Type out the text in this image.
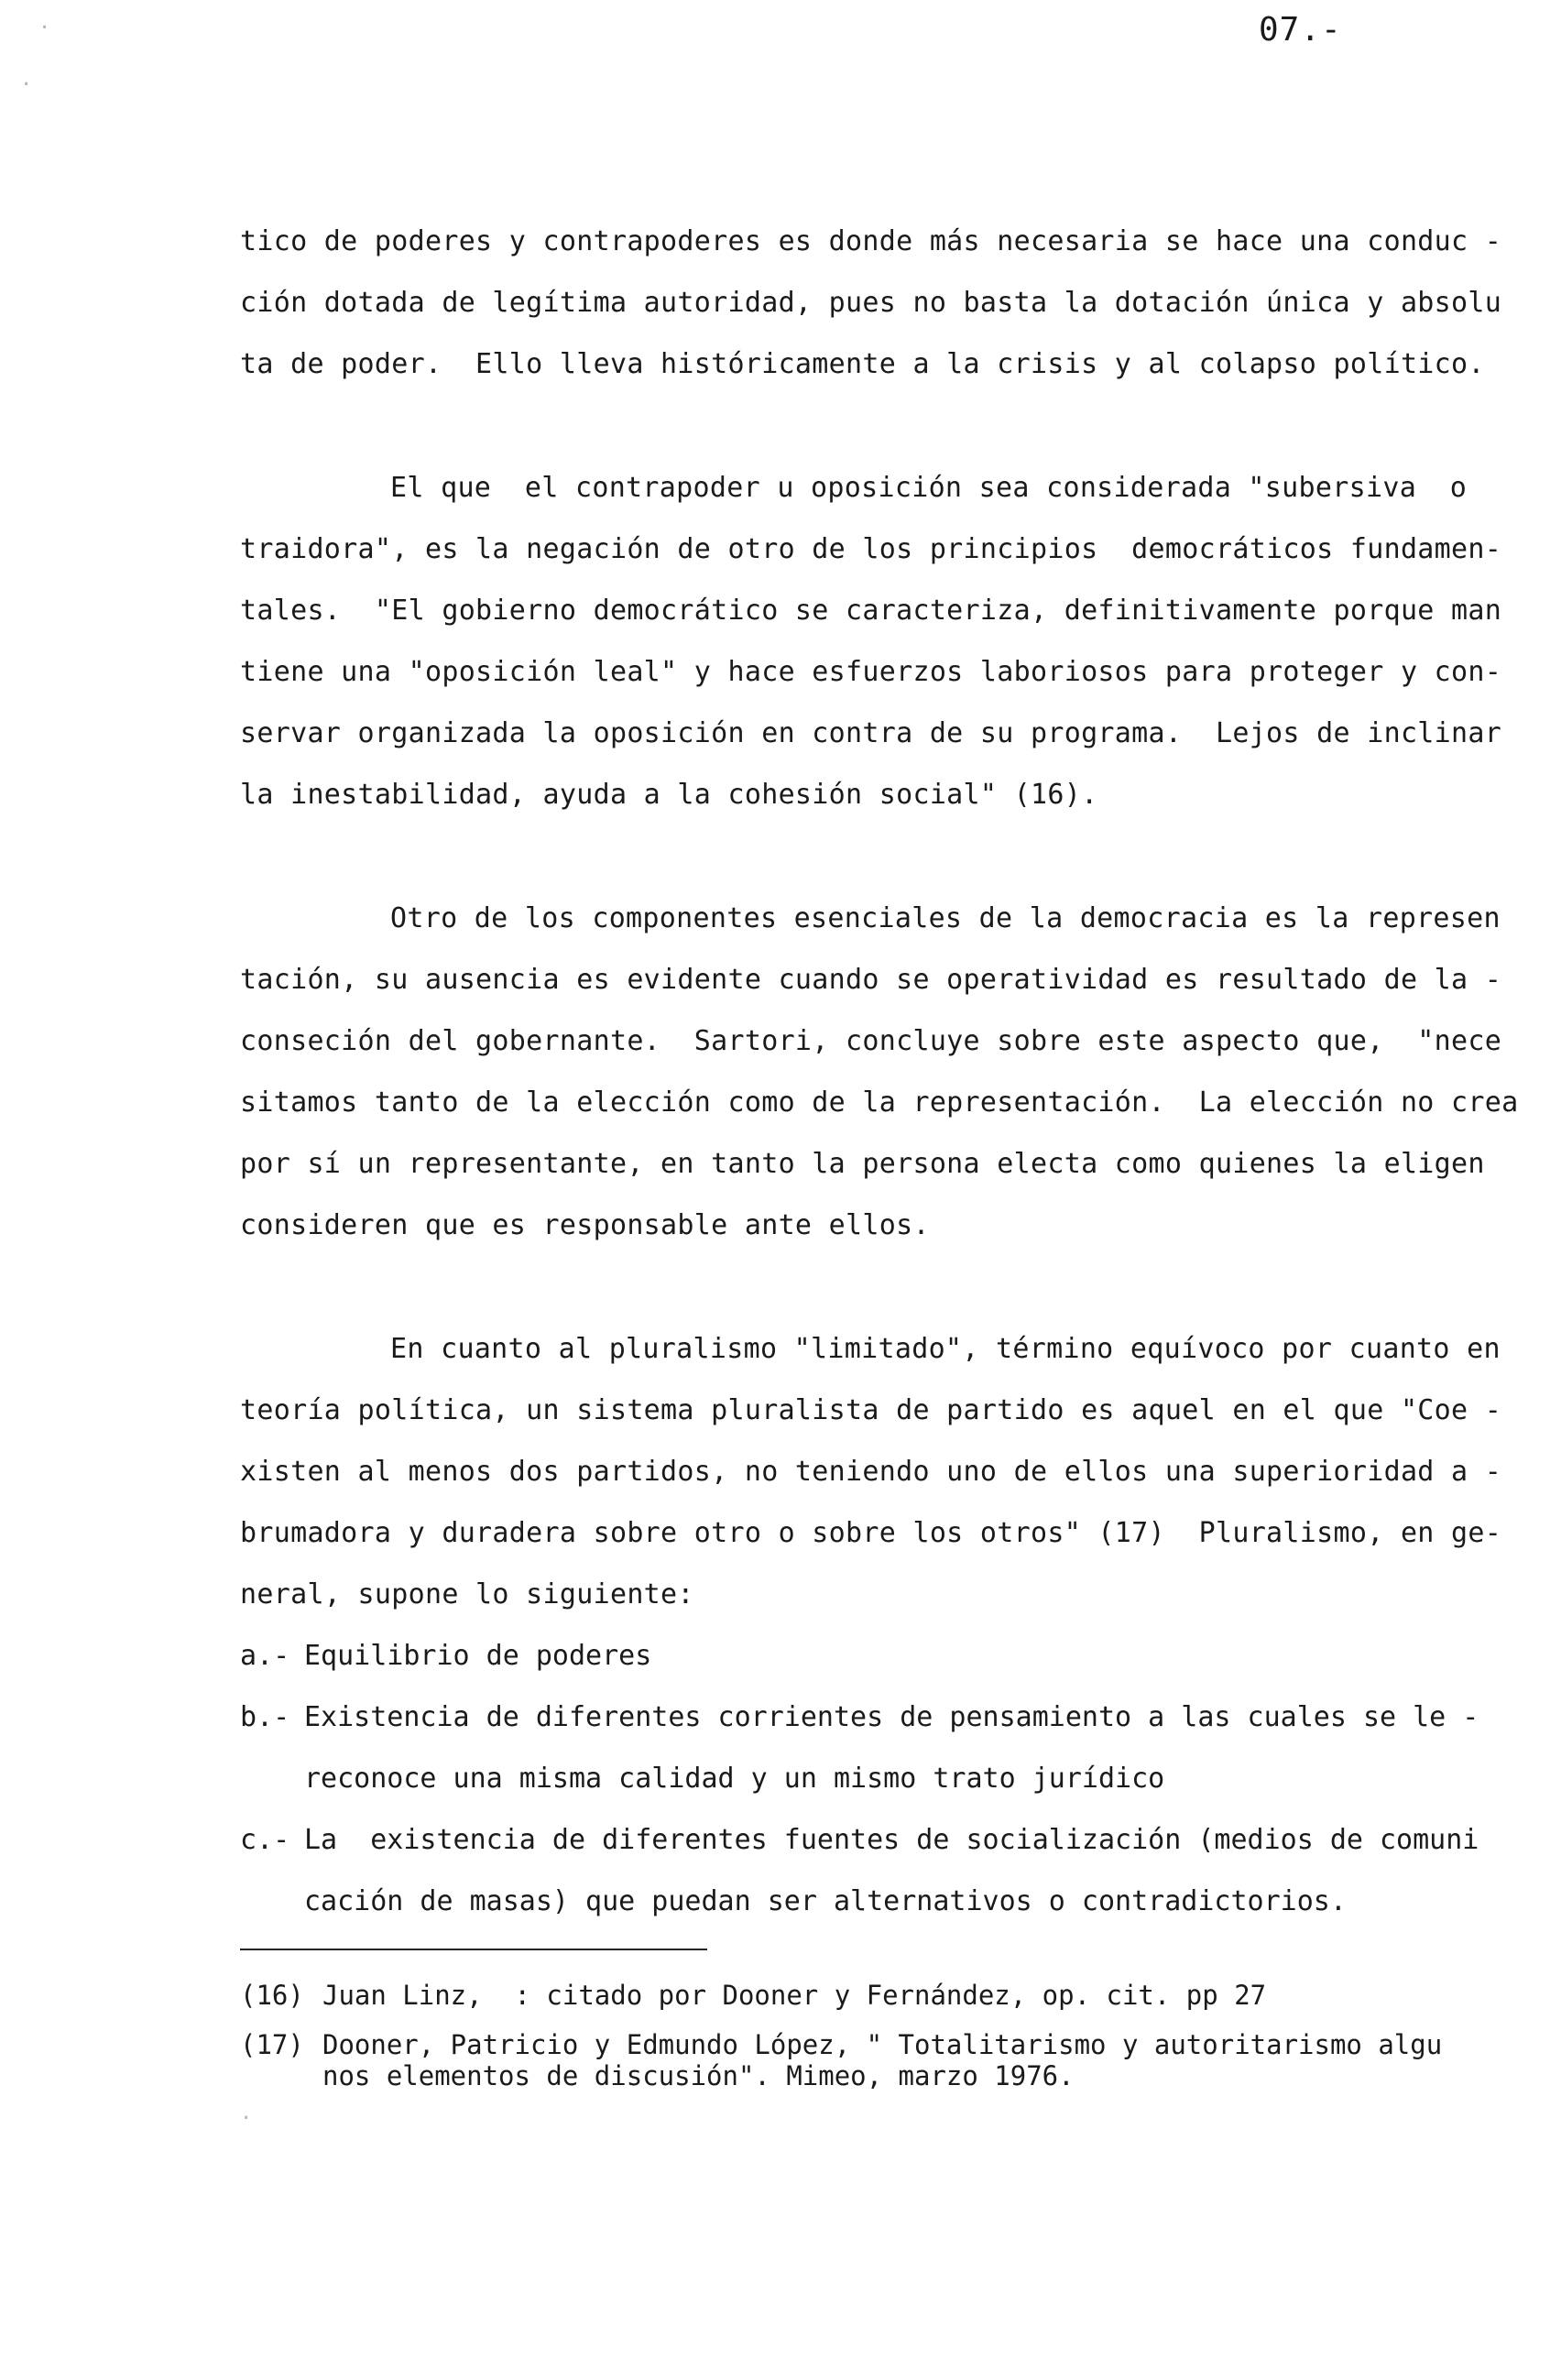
07.-
tico de poderes y contrapoderes es donde más necesaria se hace una conduc -
ción dotada de legítima autoridad, pues no basta la dotación única y absolu
ta de poder.  Ello lleva históricamente a la crisis y al colapso político.
El que  el contrapoder u oposición sea considerada "subersiva  o
traidora", es la negación de otro de los principios  democráticos fundamen-
tales.  "El gobierno democrático se caracteriza, definitivamente porque man
tiene una "oposición leal" y hace esfuerzos laboriosos para proteger y con-
servar organizada la oposición en contra de su programa.  Lejos de inclinar
la inestabilidad, ayuda a la cohesión social" (16).
Otro de los componentes esenciales de la democracia es la represen
tación, su ausencia es evidente cuando se operatividad es resultado de la -
conseción del gobernante.  Sartori, concluye sobre este aspecto que,  "nece
sitamos tanto de la elección como de la representación.  La elección no crea
por sí un representante, en tanto la persona electa como quienes la eligen
consideren que es responsable ante ellos.
En cuanto al pluralismo "limitado", término equívoco por cuanto en
teoría política, un sistema pluralista de partido es aquel en el que "Coe -
xisten al menos dos partidos, no teniendo uno de ellos una superioridad a -
brumadora y duradera sobre otro o sobre los otros" (17)  Pluralismo, en ge-
neral, supone lo siguiente:
a.- Equilibrio de poderes
b.- Existencia de diferentes corrientes de pensamiento a las cuales se le -
reconoce una misma calidad y un mismo trato jurídico
c.- La  existencia de diferentes fuentes de socialización (medios de comuni
cación de masas) que puedan ser alternativos o contradictorios.
(16) Juan Linz,  : citado por Dooner y Fernández, op. cit. pp 27
(17) Dooner, Patricio y Edmundo López, " Totalitarismo y autoritarismo algu
nos elementos de discusión". Mimeo, marzo 1976.
·
·
·
